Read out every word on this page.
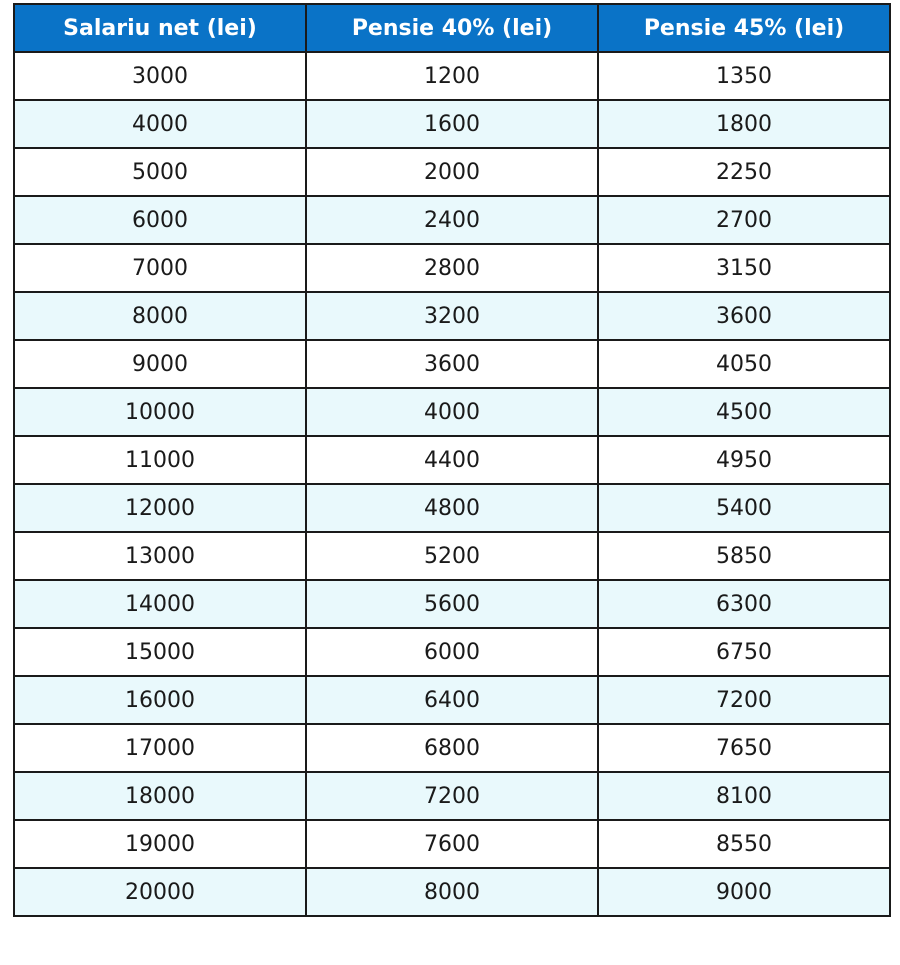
Salariu net (lei)	Pensie 40% (lei)	Pensie 45% (lei)
3000	1200	1350
4000	1600	1800
5000	2000	2250
6000	2400	2700
7000	2800	3150
8000	3200	3600
9000	3600	4050
10000	4000	4500
11000	4400	4950
12000	4800	5400
13000	5200	5850
14000	5600	6300
15000	6000	6750
16000	6400	7200
17000	6800	7650
18000	7200	8100
19000	7600	8550
20000	8000	9000
